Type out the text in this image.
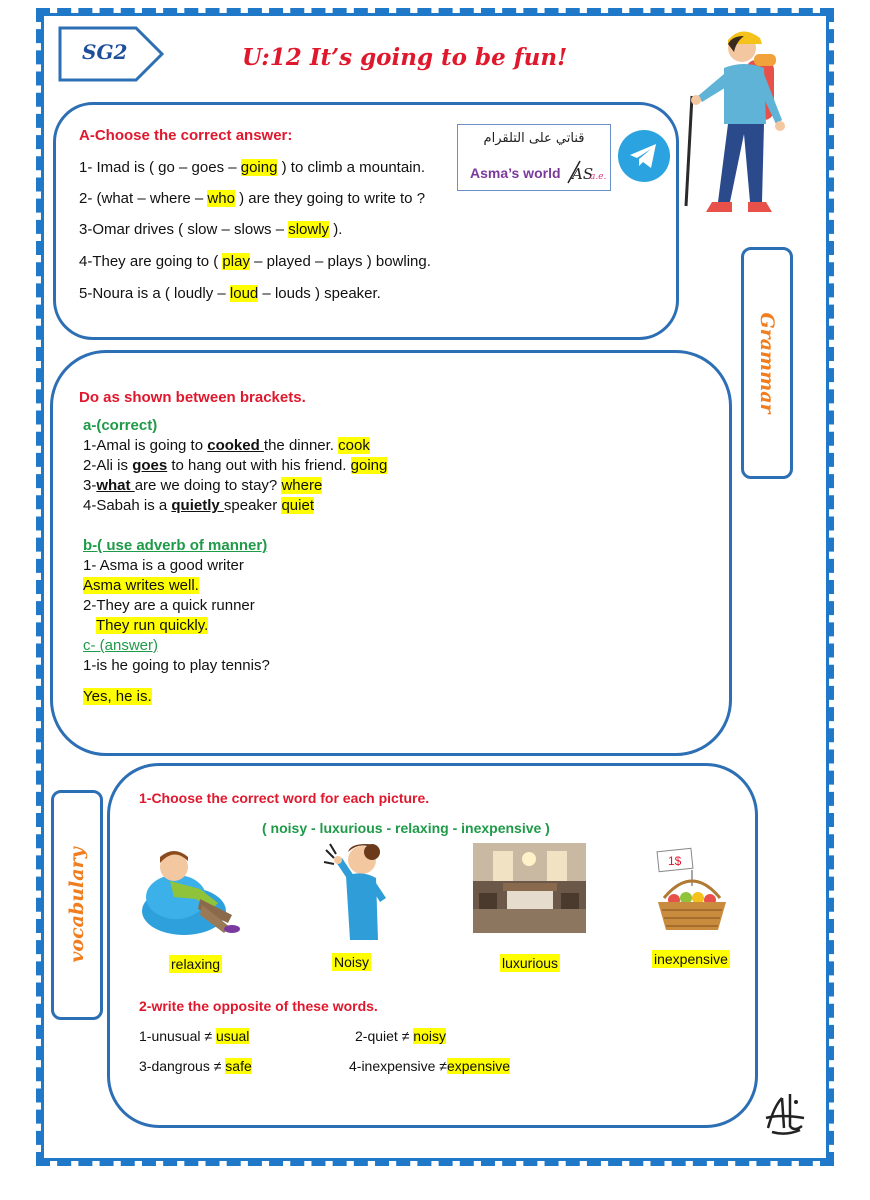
SG2	U:12 It’s going to be fun!
A-Choose the correct answer:
1- Imad is ( go – goes – going ) to climb a mountain.
2- (what – where – who ) are they going to write to ?
3-Omar drives ( slow – slows – slowly ).
4-They are going to ( play – played – plays ) bowling.
5-Noura is a ( loudly – loud – louds ) speaker.
قناتي على التلقرام
Asma’s world AS
a.e.
Grammar
Do as shown between brackets.
a-(correct)
1-Amal is going to cooked the dinner. cook
2-Ali is goes to hang out with his friend. going
3-what are we doing to stay? where
4-Sabah is a quietly speaker quiet
b-( use adverb of manner)
1- Asma is a good writer
Asma writes well.
2-They are a quick runner
They run quickly.
c- (answer)
1-is he going to play tennis?
Yes, he is.
vocabulary
1-Choose the correct word for each picture.
( noisy - luxurious - relaxing - inexpensive )
1$
relaxing	Noisy	luxurious	inexpensive
2-write the opposite of these words.
1-unusual ≠ usual	2-quiet ≠ noisy
3-dangrous ≠ safe	4-inexpensive ≠expensive
